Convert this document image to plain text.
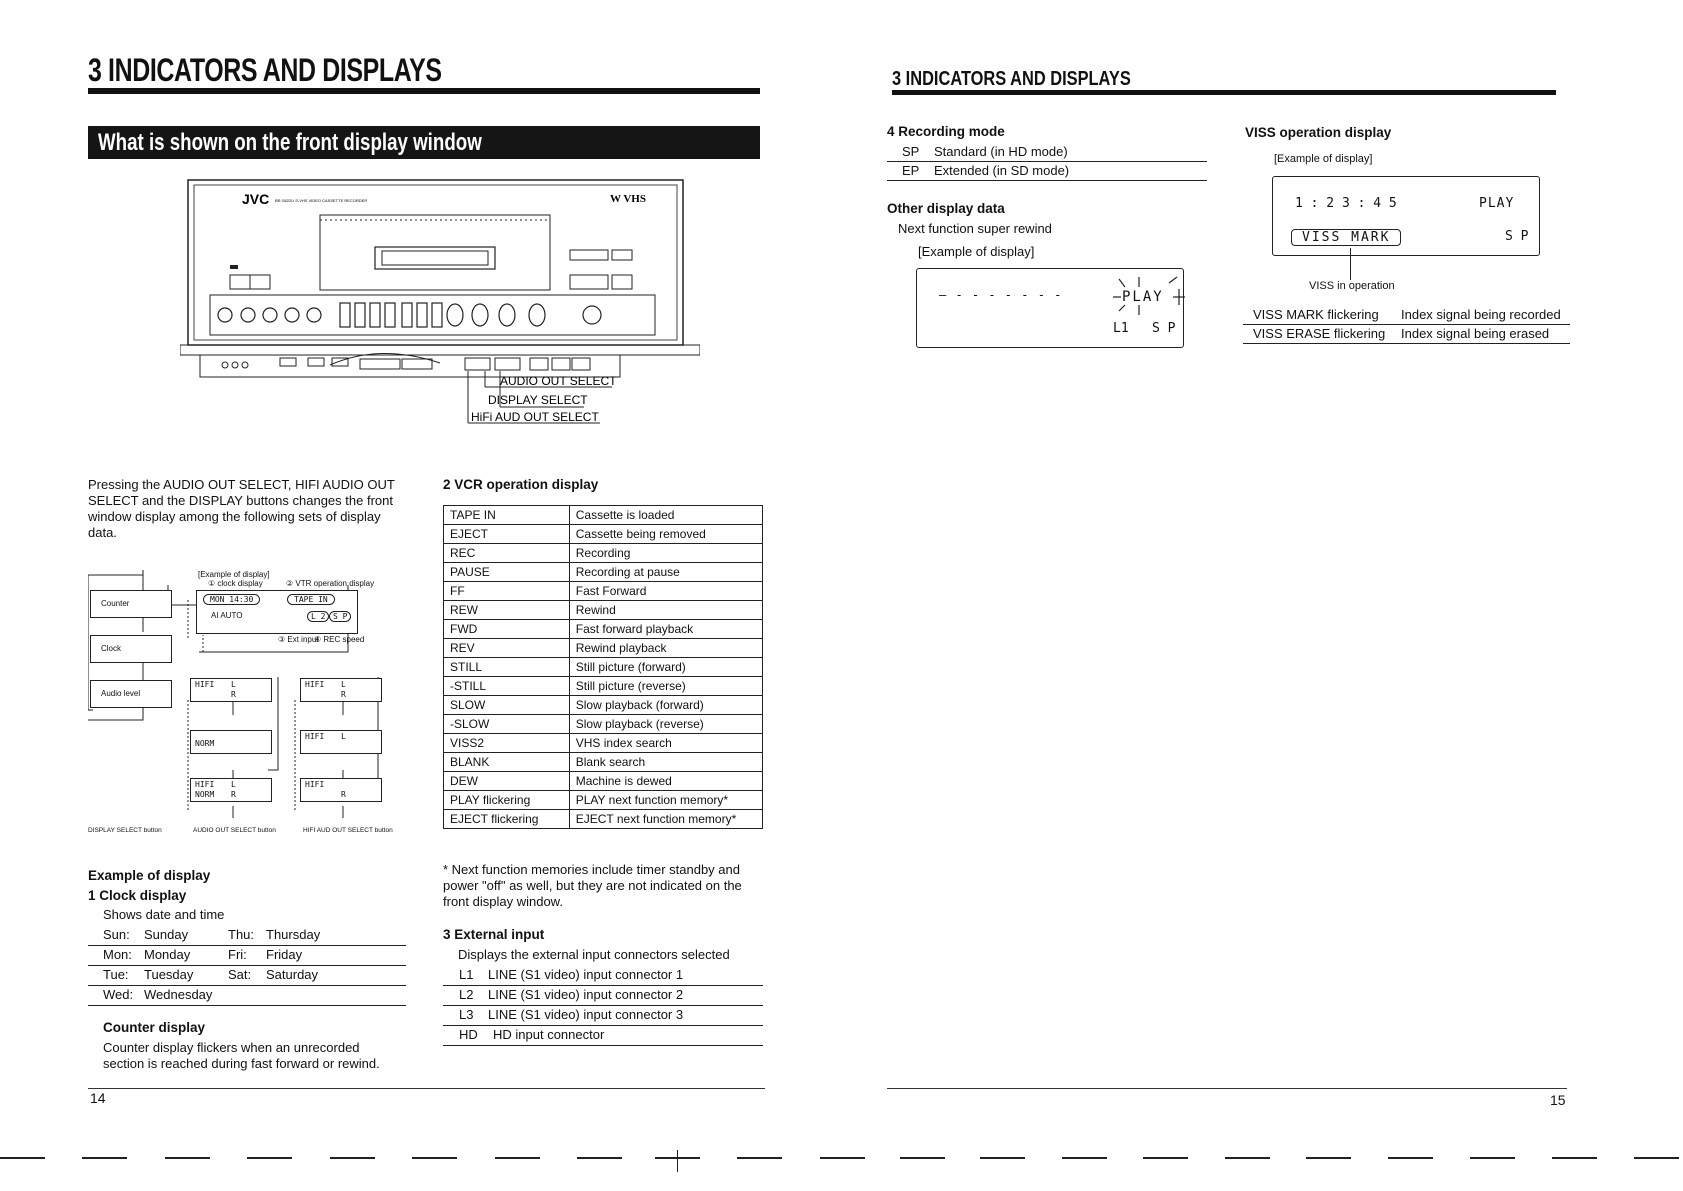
3 INDICATORS AND DISPLAYS
What is shown on the front display window
JVC BR-S822U S-VHS VIDEO CASSETTE RECORDER	W VHS
AUDIO OUT SELECT
DISPLAY SELECT
HiFi AUD OUT SELECT
Pressing the AUDIO OUT SELECT, HIFI AUDIO OUT SELECT and the DISPLAY buttons changes the front window display among the following sets of display data.
[Example of display]
① clock display	② VTR operation display
Counter	MON 14:30	TAPE IN
AI AUTO	L 2 S P
③ Ext input
④ REC speed
Clock
Audio level
HIFI L
R
HIFI L
R
NORM
HIFI L
HIFI
NORM
L
R
HIFI
R
DISPLAY SELECT button	AUDIO OUT SELECT button	HIFI AUD OUT SELECT button
Example of display
1 Clock display
Shows date and time
Sun: Sunday	Thu: Thursday
Mon: Monday	Fri: Friday
Tue: Tuesday	Sat: Saturday
Wed: Wednesday
Counter display
Counter display flickers when an unrecorded section is reached during fast forward or rewind.
2 VCR operation display
TAPE IN	Cassette is loaded
EJECT	Cassette being removed
REC	Recording
PAUSE	Recording at pause
FF	Fast Forward
REW	Rewind
FWD	Fast forward playback
REV	Rewind playback
STILL	Still picture (forward)
-STILL	Still picture (reverse)
SLOW	Slow playback (forward)
-SLOW	Slow playback (reverse)
VISS2	VHS index search
BLANK	Blank search
DEW	Machine is dewed
PLAY flickering	PLAY next function memory*
EJECT flickering	EJECT next function memory*
* Next function memories include timer standby and power "off" as well, but they are not indicated on the front display window.
3 External input
Displays the external input connectors selected
L1 LINE (S1 video) input connector 1
L2 LINE (S1 video) input connector 2
L3 LINE (S1 video) input connector 3
HD HD input connector
14
3 INDICATORS AND DISPLAYS
4 Recording mode
SP Standard (in HD mode)
EP Extended (in SD mode)
Other display data
Next function super rewind
[Example of display]
— - - - - - - -	PLAY
L1 S P
VISS operation display
[Example of display]
1 : 2 3 : 4 5	PLAY
VISS MARK	S P
VISS in operation
VISS MARK flickering Index signal being recorded
VISS ERASE flickering Index signal being erased
15
